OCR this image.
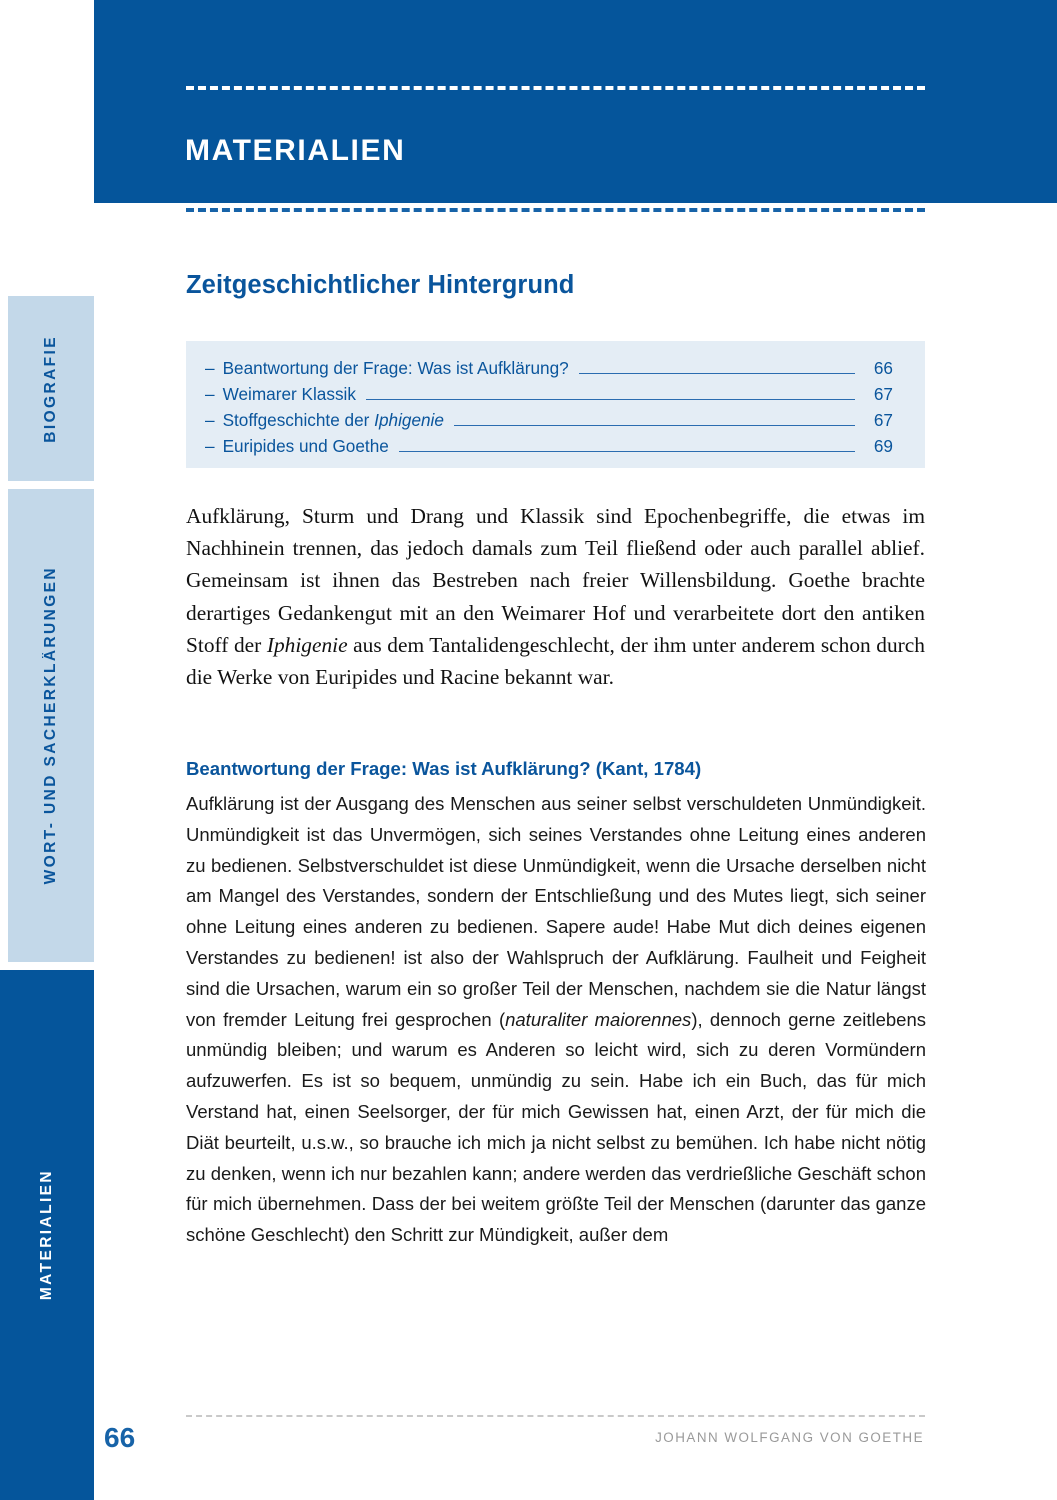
BIOGRAFIE
WORT- UND SACHERKLÄRUNGEN
MATERIALIEN
MATERIALIEN
Zeitgeschichtlicher Hintergrund
– Beantwortung der Frage: Was ist Aufklärung?	66
– Weimarer Klassik	67
– Stoffgeschichte der Iphigenie	67
– Euripides und Goethe	69
Aufklärung, Sturm und Drang und Klassik sind Epochenbegriffe, die etwas im Nachhinein trennen, das jedoch damals zum Teil fließend oder auch parallel ablief. Gemeinsam ist ihnen das Bestreben nach freier Willensbildung. Goethe brachte derartiges Gedankengut mit an den Weimarer Hof und verarbeitete dort den antiken Stoff der Iphigenie aus dem Tantalidengeschlecht, der ihm unter anderem schon durch die Werke von Euripides und Racine bekannt war.
Beantwortung der Frage: Was ist Aufklärung? (Kant, 1784)
Aufklärung ist der Ausgang des Menschen aus seiner selbst verschuldeten Unmündigkeit. Unmündigkeit ist das Unvermögen, sich seines Verstandes ohne Leitung eines anderen zu bedienen. Selbstverschuldet ist diese Unmündigkeit, wenn die Ursache derselben nicht am Mangel des Verstandes, sondern der Entschließung und des Mutes liegt, sich seiner ohne Leitung eines anderen zu bedienen. Sapere aude! Habe Mut dich deines eigenen Verstandes zu bedienen! ist also der Wahlspruch der Aufklärung. Faulheit und Feigheit sind die Ursachen, warum ein so großer Teil der Menschen, nachdem sie die Natur längst von fremder Leitung frei gesprochen (naturaliter maiorennes), dennoch gerne zeitlebens unmündig bleiben; und warum es Anderen so leicht wird, sich zu deren Vormündern aufzuwerfen. Es ist so bequem, unmündig zu sein. Habe ich ein Buch, das für mich Verstand hat, einen Seelsorger, der für mich Gewissen hat, einen Arzt, der für mich die Diät beurteilt, u.s.w., so brauche ich mich ja nicht selbst zu bemühen. Ich habe nicht nötig zu denken, wenn ich nur bezahlen kann; andere werden das verdrießliche Geschäft schon für mich übernehmen. Dass der bei weitem größte Teil der Menschen (darunter das ganze schöne Geschlecht) den Schritt zur Mündigkeit, außer dem
66	JOHANN WOLFGANG VON GOETHE
